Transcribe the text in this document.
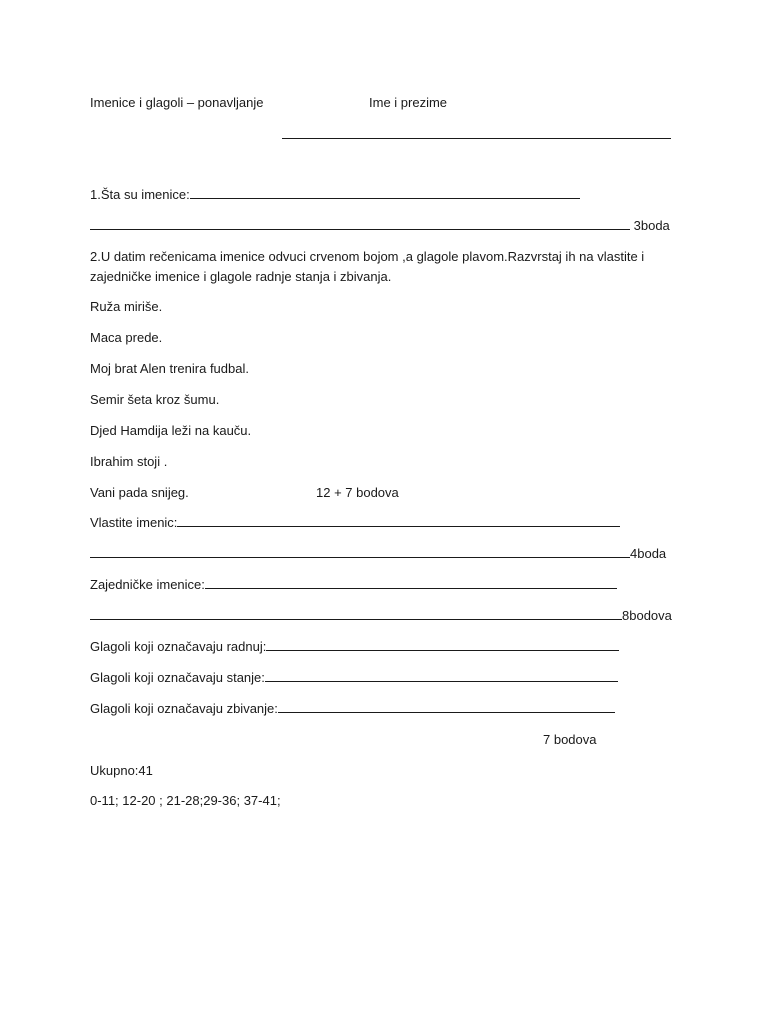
Imenice i glagoli – ponavljanje	Ime i prezime
1.Šta su imenice:
3boda
2.U datim rečenicama imenice odvuci crvenom bojom ,a glagole plavom.Razvrstaj ih na vlastite i zajedničke imenice i glagole radnje stanja i zbivanja.
Ruža miriše.
Maca prede.
Moj brat Alen trenira fudbal.
Semir šeta kroz šumu.
Djed Hamdija leži na kauču.
Ibrahim stoji .
Vani pada snijeg.	12 + 7 bodova
Vlastite imenic:
4boda
Zajedničke imenice:
8bodova
Glagoli koji označavaju radnuj:
Glagoli koji označavaju stanje:
Glagoli koji označavaju zbivanje:
7 bodova
Ukupno:41
0-11; 12-20 ; 21-28;29-36; 37-41;
